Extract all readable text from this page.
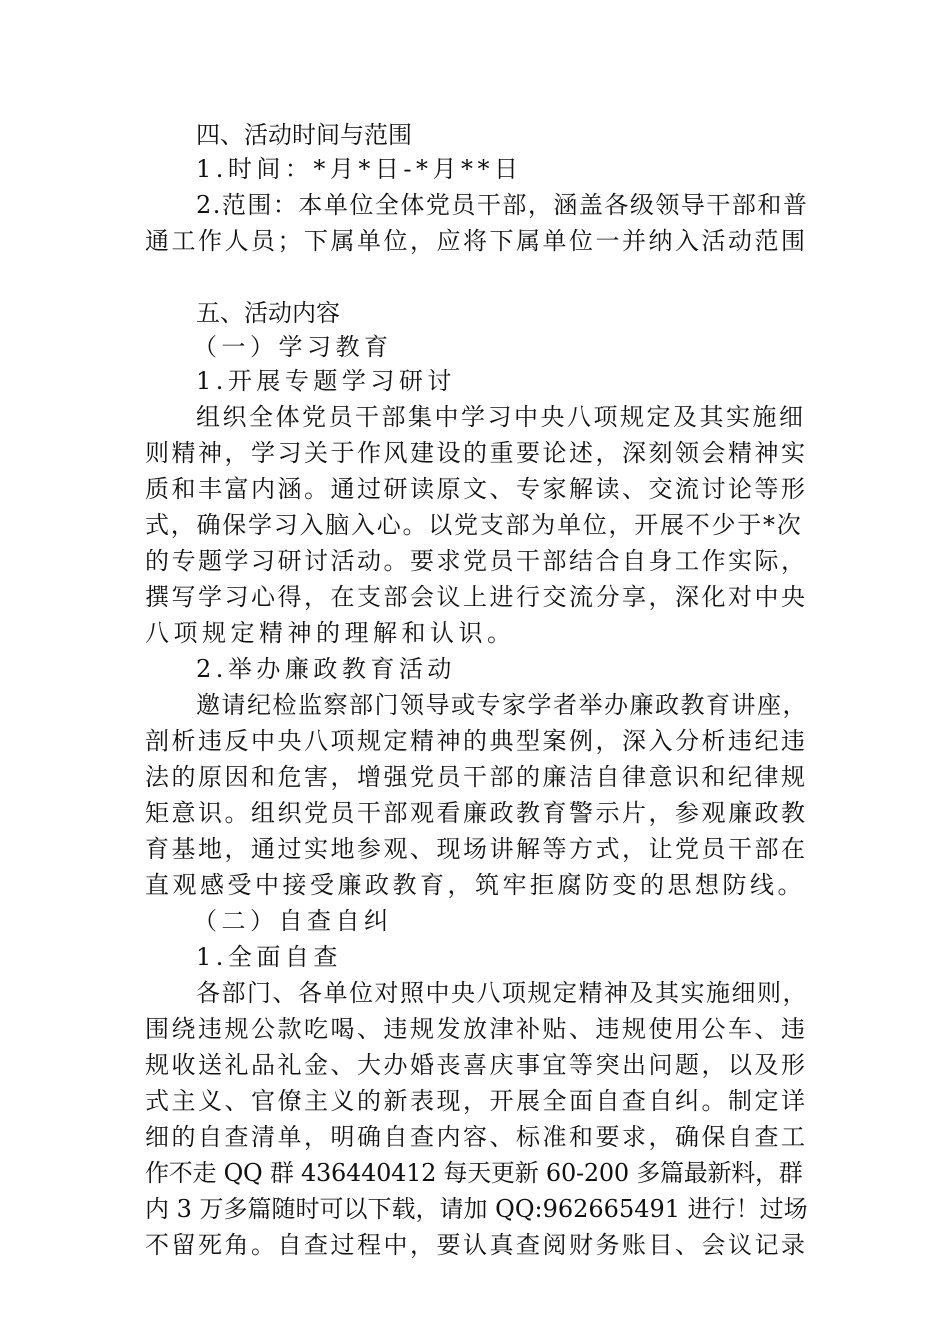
四、活动时间与范围
1.时间：*月*日-*月**日
2.范围：本单位全体党员干部，涵盖各级领导干部和普
通工作人员；下属单位，应将下属单位一并纳入活动范围
五、活动内容
（一）学习教育
1.开展专题学习研讨
组织全体党员干部集中学习中央八项规定及其实施细
则精神，学习关于作风建设的重要论述，深刻领会精神实
质和丰富内涵。通过研读原文、专家解读、交流讨论等形
式，确保学习入脑入心。以党支部为单位，开展不少于*次
的专题学习研讨活动。要求党员干部结合自身工作实际，
撰写学习心得，在支部会议上进行交流分享，深化对中央
八项规定精神的理解和认识。
2.举办廉政教育活动
邀请纪检监察部门领导或专家学者举办廉政教育讲座，
剖析违反中央八项规定精神的典型案例，深入分析违纪违
法的原因和危害，增强党员干部的廉洁自律意识和纪律规
矩意识。组织党员干部观看廉政教育警示片，参观廉政教
育基地，通过实地参观、现场讲解等方式，让党员干部在
直观感受中接受廉政教育，筑牢拒腐防变的思想防线。
（二）自查自纠
1.全面自查
各部门、各单位对照中央八项规定精神及其实施细则，
围绕违规公款吃喝、违规发放津补贴、违规使用公车、违
规收送礼品礼金、大办婚丧喜庆事宜等突出问题，以及形
式主义、官僚主义的新表现，开展全面自查自纠。制定详
细的自查清单，明确自查内容、标准和要求，确保自查工
作不走 QQ 群 436440412 每天更新 60-200 多篇最新料，群
内 3 万多篇随时可以下载，请加 QQ:962665491 进行！过场
不留死角。自查过程中，要认真查阅财务账目、会议记录
